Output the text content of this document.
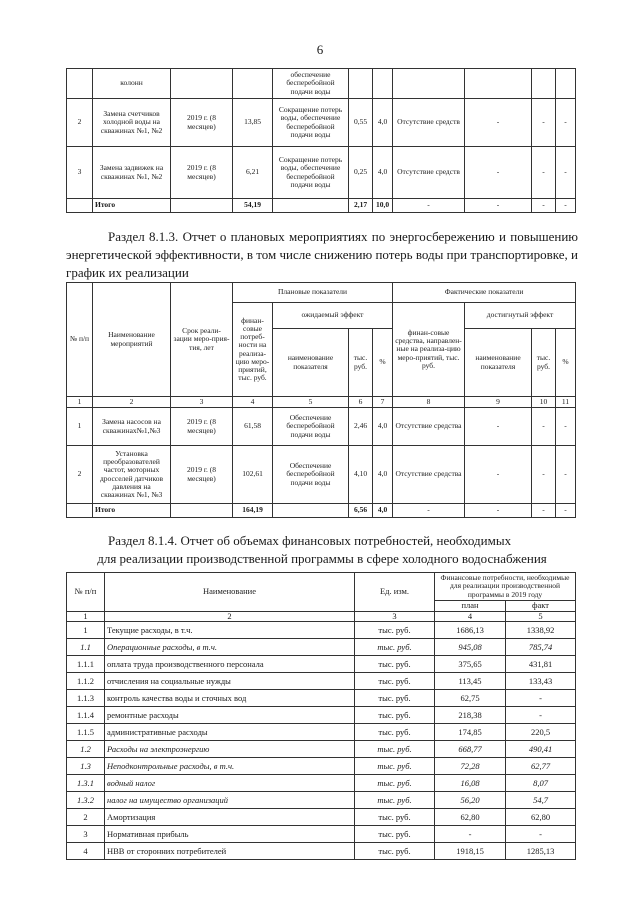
6
	колонн			обеспечение бесперебойной подачи воды						
2	Замена счетчиков холодной воды на скважинах №1, №2	2019 г. (8 месяцев)	13,85	Сокращение потерь воды, обеспечение бесперебойной подачи воды	0,55	4,0	Отсутствие средств	-	-	-
3	Замена задвижек на скважинах №1, №2	2019 г. (8 месяцев)	6,21	Сокращение потерь воды, обеспечение бесперебойной подачи воды	0,25	4,0	Отсутствие средств	-	-	-
	Итого		54,19		2,17	10,0	-	-	-	-
Раздел 8.1.3. Отчет о плановых мероприятиях по энергосбережению и повышению энергетической эффективности, в том числе снижению потерь воды при транспортировке, и график их реализации
№ п/п	Наименование мероприятий	Срок реали-зации меро-прия-тия, лет	Плановые показатели				Фактические показатели			
			финан-совые потреб-ности на реализа-цию меро-приятий, тыс. руб.	ожидаемый эффект			финан-совые средства, направлен-ные на реализа-цию меро-приятий, тыс. руб.	достигнутый эффект		
				наименование показателя	тыс. руб.	%		наименование показателя	тыс. руб.	%
1	2	3	4	5	6	7	8	9	10	11
1	Замена насосов на скважинах№1,№3	2019 г. (8 месяцев)	61,58	Обеспечение бесперебойной подачи воды	2,46	4,0	Отсутствие средства	-	-	-
2	Установка преобразователей частот, моторных дросселей датчиков давления на скважинах №1, №3	2019 г. (8 месяцев)	102,61	Обеспечение бесперебойной подачи воды	4,10	4,0	Отсутствие средства	-	-	-
	Итого		164,19		6,56	4,0	-	-	-	-
Раздел 8.1.4. Отчет об объемах финансовых потребностей, необходимых
для реализации производственной программы в сфере холодного водоснабжения
№ п/п	Наименование	Ед. изм.	Финансовые потребности, необходимые для реализации производственной программы в 2019 году	
			план	факт
1	2	3	4	5
1	Текущие расходы, в т.ч.	тыс. руб.	1686,13	1338,92
1.1	Операционные расходы, в т.ч.	тыс. руб.	945,08	785,74
1.1.1	оплата труда производственного персонала	тыс. руб.	375,65	431,81
1.1.2	отчисления на социальные нужды	тыс. руб.	113,45	133,43
1.1.3	контроль качества воды и сточных вод	тыс. руб.	62,75	-
1.1.4	ремонтные расходы	тыс. руб.	218,38	-
1.1.5	административные расходы	тыс. руб.	174,85	220,5
1.2	Расходы на электроэнергию	тыс. руб.	668,77	490,41
1.3	Неподконтрольные расходы, в т.ч.	тыс. руб.	72,28	62,77
1.3.1	водный налог	тыс. руб.	16,08	8,07
1.3.2	налог на имущество организаций	тыс. руб.	56,20	54,7
2	Амортизация	тыс. руб.	62,80	62,80
3	Нормативная прибыль	тыс. руб.	-	-
4	НВВ от сторонних потребителей	тыс. руб.	1918,15	1285,13
